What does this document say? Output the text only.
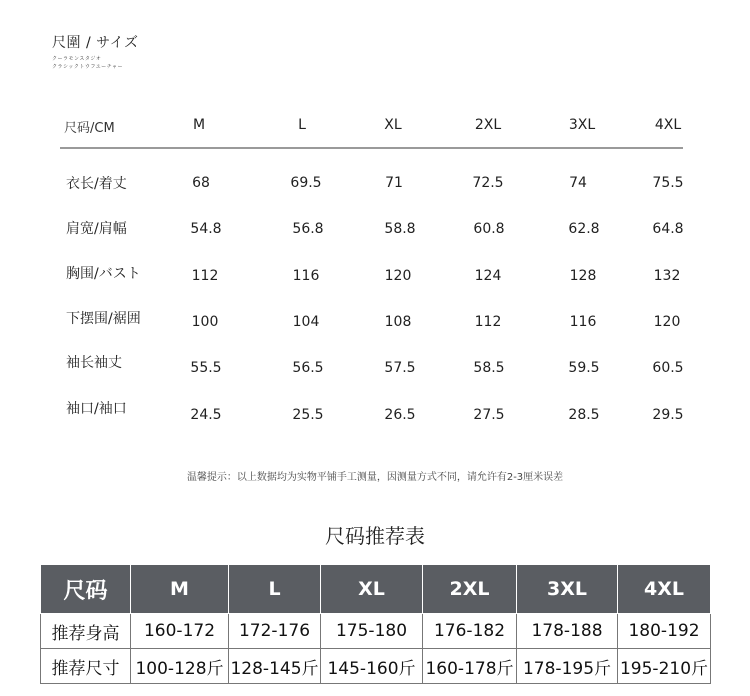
尺圍 / サイズ
クーラモンスタジオ
クラシックトウフユーチャー
尺码/CM	M	L	XL	2XL	3XL	4XL
衣长/着丈	68	69.5	71	72.5	74	75.5
肩宽/肩幅	54.8	56.8	58.8	60.8	62.8	64.8
胸围/バスト	112	116	120	124	128	132
下摆围/裾囲	100	104	108	112	116	120
袖长袖丈	55.5	56.5	57.5	58.5	59.5	60.5
袖口/袖口	24.5	25.5	26.5	27.5	28.5	29.5
温馨提示：以上数据均为实物平铺手工测量，因测量方式不同，请允许有2-3厘米误差
尺码推荐表
尺码	M	L	XL	2XL	3XL	4XL
推荐身高	160-172	172-176	175-180	176-182	178-188	180-192
推荐尺寸	100-128斤	128-145斤	145-160斤	160-178斤	178-195斤	195-210斤
